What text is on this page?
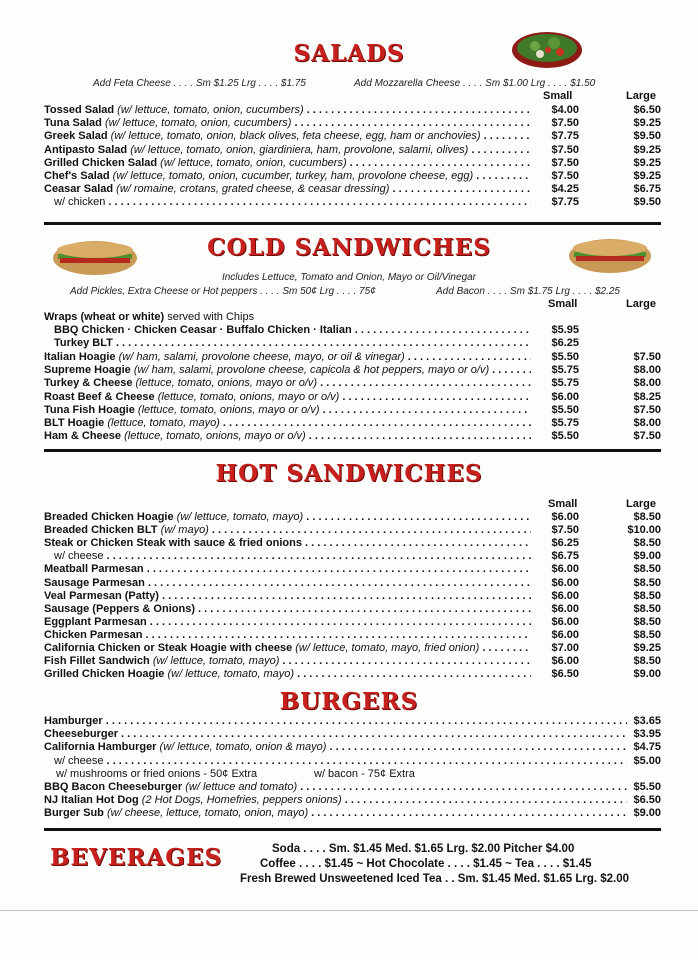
SALADS
Add Feta Cheese . . . . Sm $1.25 Lrg . . . . $1.75	Add Mozzarella Cheese . . . . Sm $1.00 Lrg . . . . $1.50
Small	Large
Tossed Salad (w/ lettuce, tomato, onion, cucumbers) . . .	$4.00	$6.50
Tuna Salad (w/ lettuce, tomato, onion, cucumbers) . . .	$7.50	$9.25
Greek Salad (w/ lettuce, tomato, onion, black olives, feta cheese, egg, ham or anchovies) . . .	$7.75	$9.50
Antipasto Salad (w/ lettuce, tomato, onion, giardiniera, ham, provolone, salami, olives) . . .	$7.50	$9.25
Grilled Chicken Salad (w/ lettuce, tomato, onion, cucumbers) . . .	$7.50	$9.25
Chef's Salad (w/ lettuce, tomato, onion, cucumber, turkey, ham, provolone cheese, egg) . . .	$7.50	$9.25
Ceasar Salad (w/ romaine, crotans, grated cheese, & ceasar dressing) . . .	$4.25	$6.75
w/ chicken . . .	$7.75	$9.50
COLD SANDWICHES
Includes Lettuce, Tomato and Onion, Mayo or Oil/Vinegar
Add Pickles, Extra Cheese or Hot peppers . . . . Sm 50¢ Lrg . . . . 75¢	Add Bacon . . . . Sm $1.75 Lrg . . . . $2.25
Small	Large
Wraps (wheat or white) served with Chips
BBQ Chicken · Chicken Ceasar · Buffalo Chicken · Italian . . .	$5.95
Turkey BLT . . .	$6.25
Italian Hoagie (w/ ham, salami, provolone cheese, mayo, or oil & vinegar) . . .	$5.50	$7.50
Supreme Hoagie (w/ ham, salami, provolone cheese, capicola & hot peppers, mayo or o/v) . . .	$5.75	$8.00
Turkey & Cheese (lettuce, tomato, onions, mayo or o/v) . . .	$5.75	$8.00
Roast Beef & Cheese (lettuce, tomato, onions, mayo or o/v) . . .	$6.00	$8.25
Tuna Fish Hoagie (lettuce, tomato, onions, mayo or o/v) . . .	$5.50	$7.50
BLT Hoagie (lettuce, tomato, mayo) . . .	$5.75	$8.00
Ham & Cheese (lettuce, tomato, onions, mayo or o/v) . . .	$5.50	$7.50
HOT SANDWICHES
Small	Large
Breaded Chicken Hoagie (w/ lettuce, tomato, mayo) . . .	$6.00	$8.50
Breaded Chicken BLT (w/ mayo) . . .	$7.50	$10.00
Steak or Chicken Steak with sauce & fried onions . . .	$6.25	$8.50
w/ cheese . . .	$6.75	$9.00
Meatball Parmesan . . .	$6.00	$8.50
Sausage Parmesan . . .	$6.00	$8.50
Veal Parmesan (Patty) . . .	$6.00	$8.50
Sausage (Peppers & Onions) . . .	$6.00	$8.50
Eggplant Parmesan . . .	$6.00	$8.50
Chicken Parmesan . . .	$6.00	$8.50
California Chicken or Steak Hoagie with cheese (w/ lettuce, tomato, mayo, fried onion) . . .	$7.00	$9.25
Fish Fillet Sandwich (w/ lettuce, tomato, mayo) . . .	$6.00	$8.50
Grilled Chicken Hoagie (w/ lettuce, tomato, mayo) . . .	$6.50	$9.00
BURGERS
Hamburger . . .	$3.65
Cheeseburger . . .	$3.95
California Hamburger (w/ lettuce, tomato, onion & mayo) . . .	$4.75
w/ cheese . . .	$5.00
w/ mushrooms or fried onions - 50¢ Extra	w/ bacon - 75¢ Extra
BBQ Bacon Cheeseburger (w/ lettuce and tomato) . . .	$5.50
NJ Italian Hot Dog (2 Hot Dogs, Homefries, peppers onions) . . .	$6.50
Burger Sub (w/ cheese, lettuce, tomato, onion, mayo) . . .	$9.00
BEVERAGES	Soda . . . . Sm. $1.45 Med. $1.65 Lrg. $2.00 Pitcher $4.00
Coffee . . . . $1.45 ~ Hot Chocolate . . . . $1.45 ~ Tea . . . . $1.45
Fresh Brewed Unsweetened Iced Tea . . Sm. $1.45 Med. $1.65 Lrg. $2.00
